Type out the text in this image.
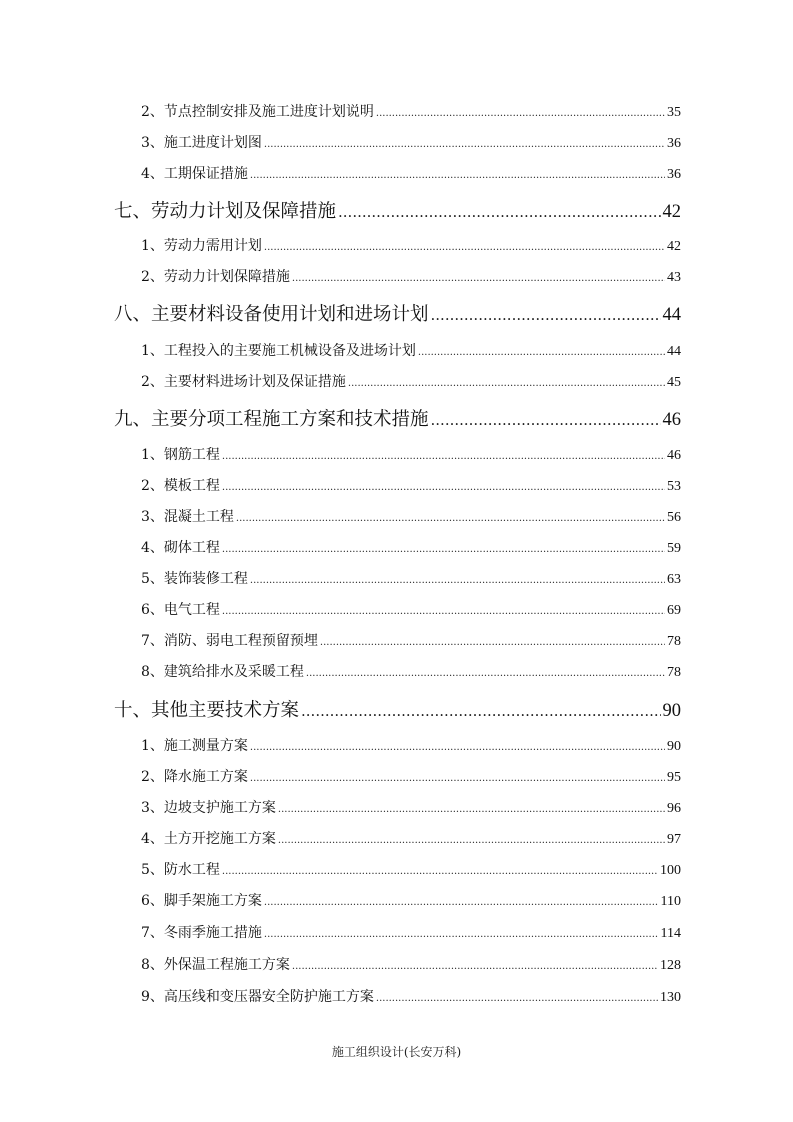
2、节点控制安排及施工进度计划说明 .....	35
3、施工进度计划图 .....	36
4、工期保证措施 .....	36
七、劳动力计划及保障措施 .....	42
1、劳动力需用计划 .....	42
2、劳动力计划保障措施 .....	43
八、主要材料设备使用计划和进场计划 .....	44
1、工程投入的主要施工机械设备及进场计划 .....	44
2、主要材料进场计划及保证措施 .....	45
九、主要分项工程施工方案和技术措施 .....	46
1、钢筋工程 .....	46
2、模板工程 .....	53
3、混凝土工程 .....	56
4、砌体工程 .....	59
5、装饰装修工程 .....	63
6、电气工程 .....	69
7、消防、弱电工程预留预埋 .....	78
8、建筑给排水及采暖工程 .....	78
十、其他主要技术方案 .....	90
1、施工测量方案 .....	90
2、降水施工方案 .....	95
3、边坡支护施工方案 .....	96
4、土方开挖施工方案 .....	97
5、防水工程 .....	100
6、脚手架施工方案 .....	110
7、冬雨季施工措施 .....	114
8、外保温工程施工方案 .....	128
9、高压线和变压器安全防护施工方案 .....	130
施工组织设计(长安万科)
